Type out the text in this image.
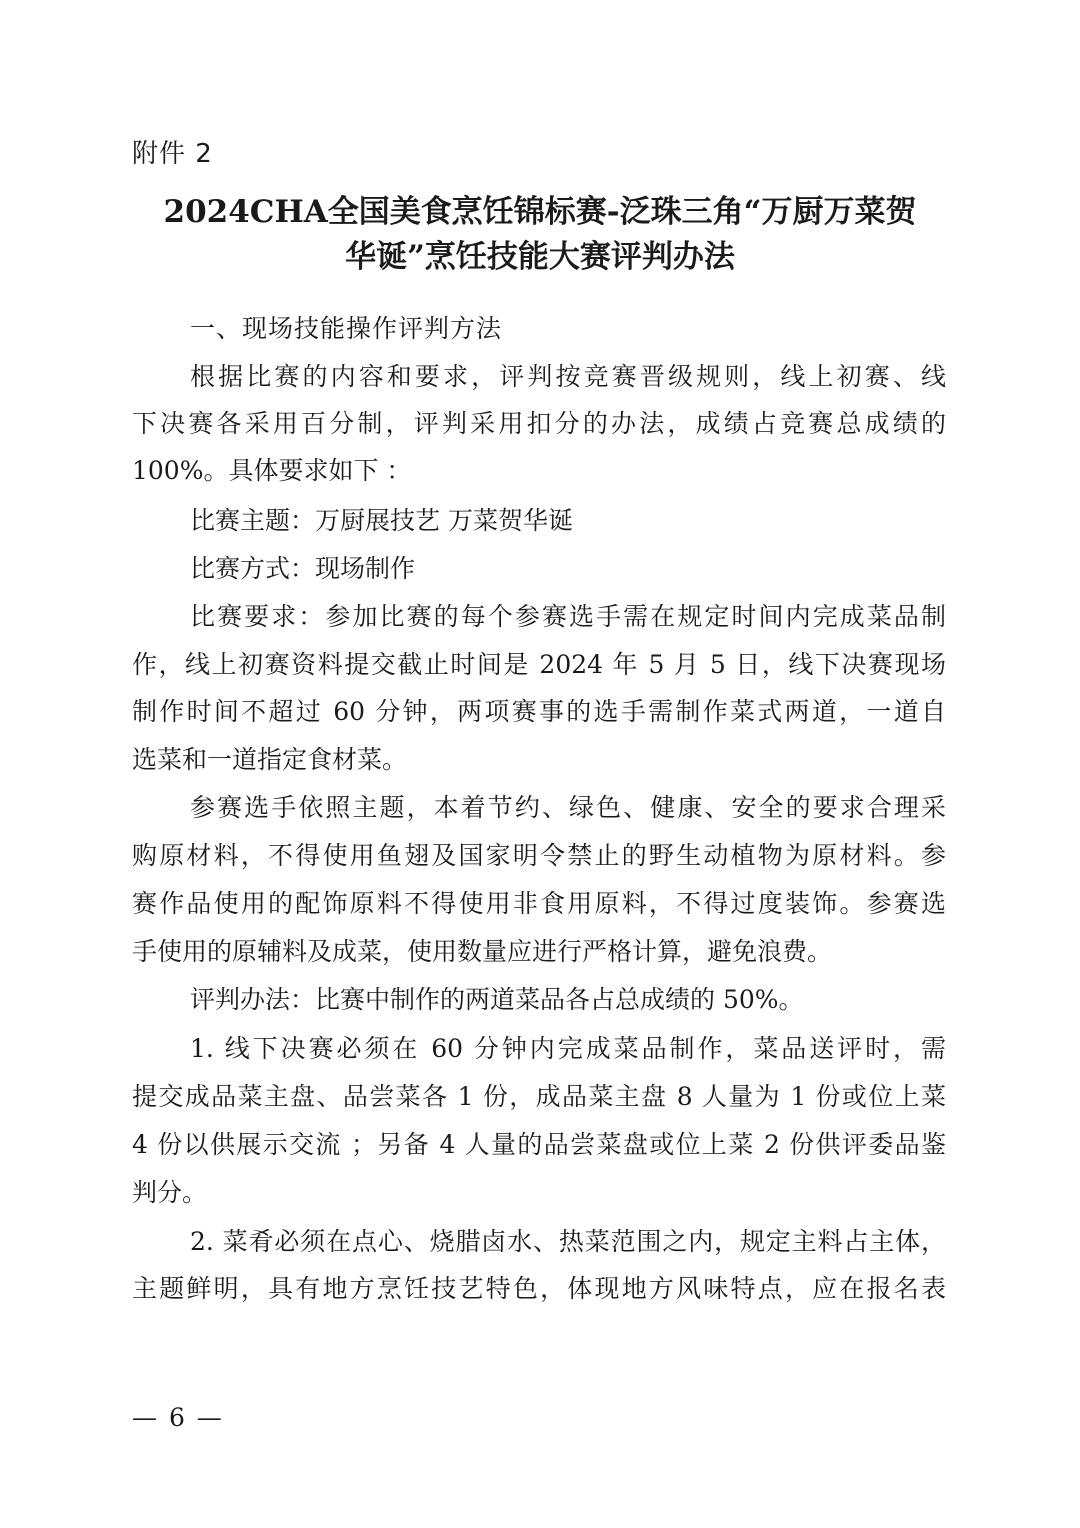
附件 2
2024CHA全国美食烹饪锦标赛-泛珠三角“万厨万菜贺
华诞”烹饪技能大赛评判办法
一、现场技能操作评判方法
根据比赛的内容和要求，评判按竞赛晋级规则，线上初赛、线
下决赛各采用百分制，评判采用扣分的办法，成绩占竞赛总成绩的
100%。具体要求如下 ：
比赛主题：万厨展技艺 万菜贺华诞
比赛方式：现场制作
比赛要求：参加比赛的每个参赛选手需在规定时间内完成菜品制
作，线上初赛资料提交截止时间是 2024 年 5 月 5 日，线下决赛现场
制作时间不超过 60 分钟，两项赛事的选手需制作菜式两道，一道自
选菜和一道指定食材菜。
参赛选手依照主题，本着节约、绿色、健康、安全的要求合理采
购原材料，不得使用鱼翅及国家明令禁止的野生动植物为原材料。参
赛作品使用的配饰原料不得使用非食用原料，不得过度装饰。参赛选
手使用的原辅料及成菜，使用数量应进行严格计算，避免浪费。
评判办法：比赛中制作的两道菜品各占总成绩的 50%。
1. 线下决赛必须在 60 分钟内完成菜品制作，菜品送评时，需
提交成品菜主盘、品尝菜各 1 份，成品菜主盘 8 人量为 1 份或位上菜
4 份以供展示交流 ；另备 4 人量的品尝菜盘或位上菜 2 份供评委品鉴
判分。
2. 菜肴必须在点心、烧腊卤水、热菜范围之内，规定主料占主体，
主题鲜明，具有地方烹饪技艺特色，体现地方风味特点，应在报名表
— 6 —
